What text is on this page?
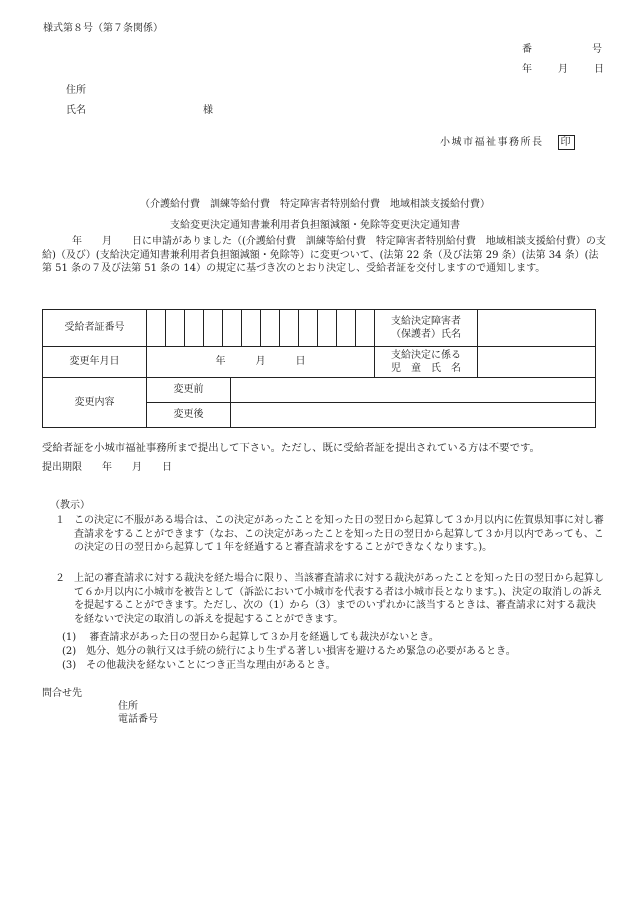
様式第８号（第７条関係）
番	号
年	月	日
住所
氏名	様
小城市福祉事務所長 印
（介護給付費　訓練等給付費　特定障害者特別給付費　地域相談支援給付費）
支給変更決定通知書兼利用者負担額減額・免除等変更決定通知書
　　　年　　月　　日に申請がありました（(介護給付費　訓練等給付費　特定障害者特別給付費　地域相談支援給付費）の支給)（及び）(支給決定通知書兼利用者負担額減額・免除等）に変更ついて、(法第 22 条（及び法第 29 条）(法第 34 条）(法第 51 条の７及び法第 51 条の 14）の規定に基づき次のとおり決定し、受給者証を交付しますので通知します。
受給者証番号			支給決定障害者
（保護者）氏名	

変更年月日	年　　　月　　　日		支給決定に係る
児　童　氏　名	

変更内容	変更前			
	変更後			
受給者証を小城市福祉事務所まで提出して下さい。ただし、既に受給者証を提出されている方は不要です。
提出期限　　年　　月　　日
（教示）
１ この決定に不服がある場合は、この決定があったことを知った日の翌日から起算して３か月以内に佐賀県知事に対し審査請求をすることができます（なお、この決定があったことを知った日の翌日から起算して３か月以内であっても、この決定の日の翌日から起算して１年を経過すると審査請求をすることができなくなります。)。
２ 上記の審査請求に対する裁決を経た場合に限り、当該審査請求に対する裁決があったことを知った日の翌日から起算して６か月以内に小城市を被告として（訴訟において小城市を代表する者は小城市長となります。)、決定の取消しの訴えを提起することができます。ただし、次の（1）から（3）までのいずれかに該当するときは、審査請求に対する裁決を経ないで決定の取消しの訴えを提起することができます。
(1)　 審査請求があった日の翌日から起算して３か月を経過しても裁決がないとき。
(2)　処分、処分の執行又は手続の続行により生ずる著しい損害を避けるため緊急の必要があるとき。
(3)　その他裁決を経ないことにつき正当な理由があるとき。
問合せ先
住所
電話番号
